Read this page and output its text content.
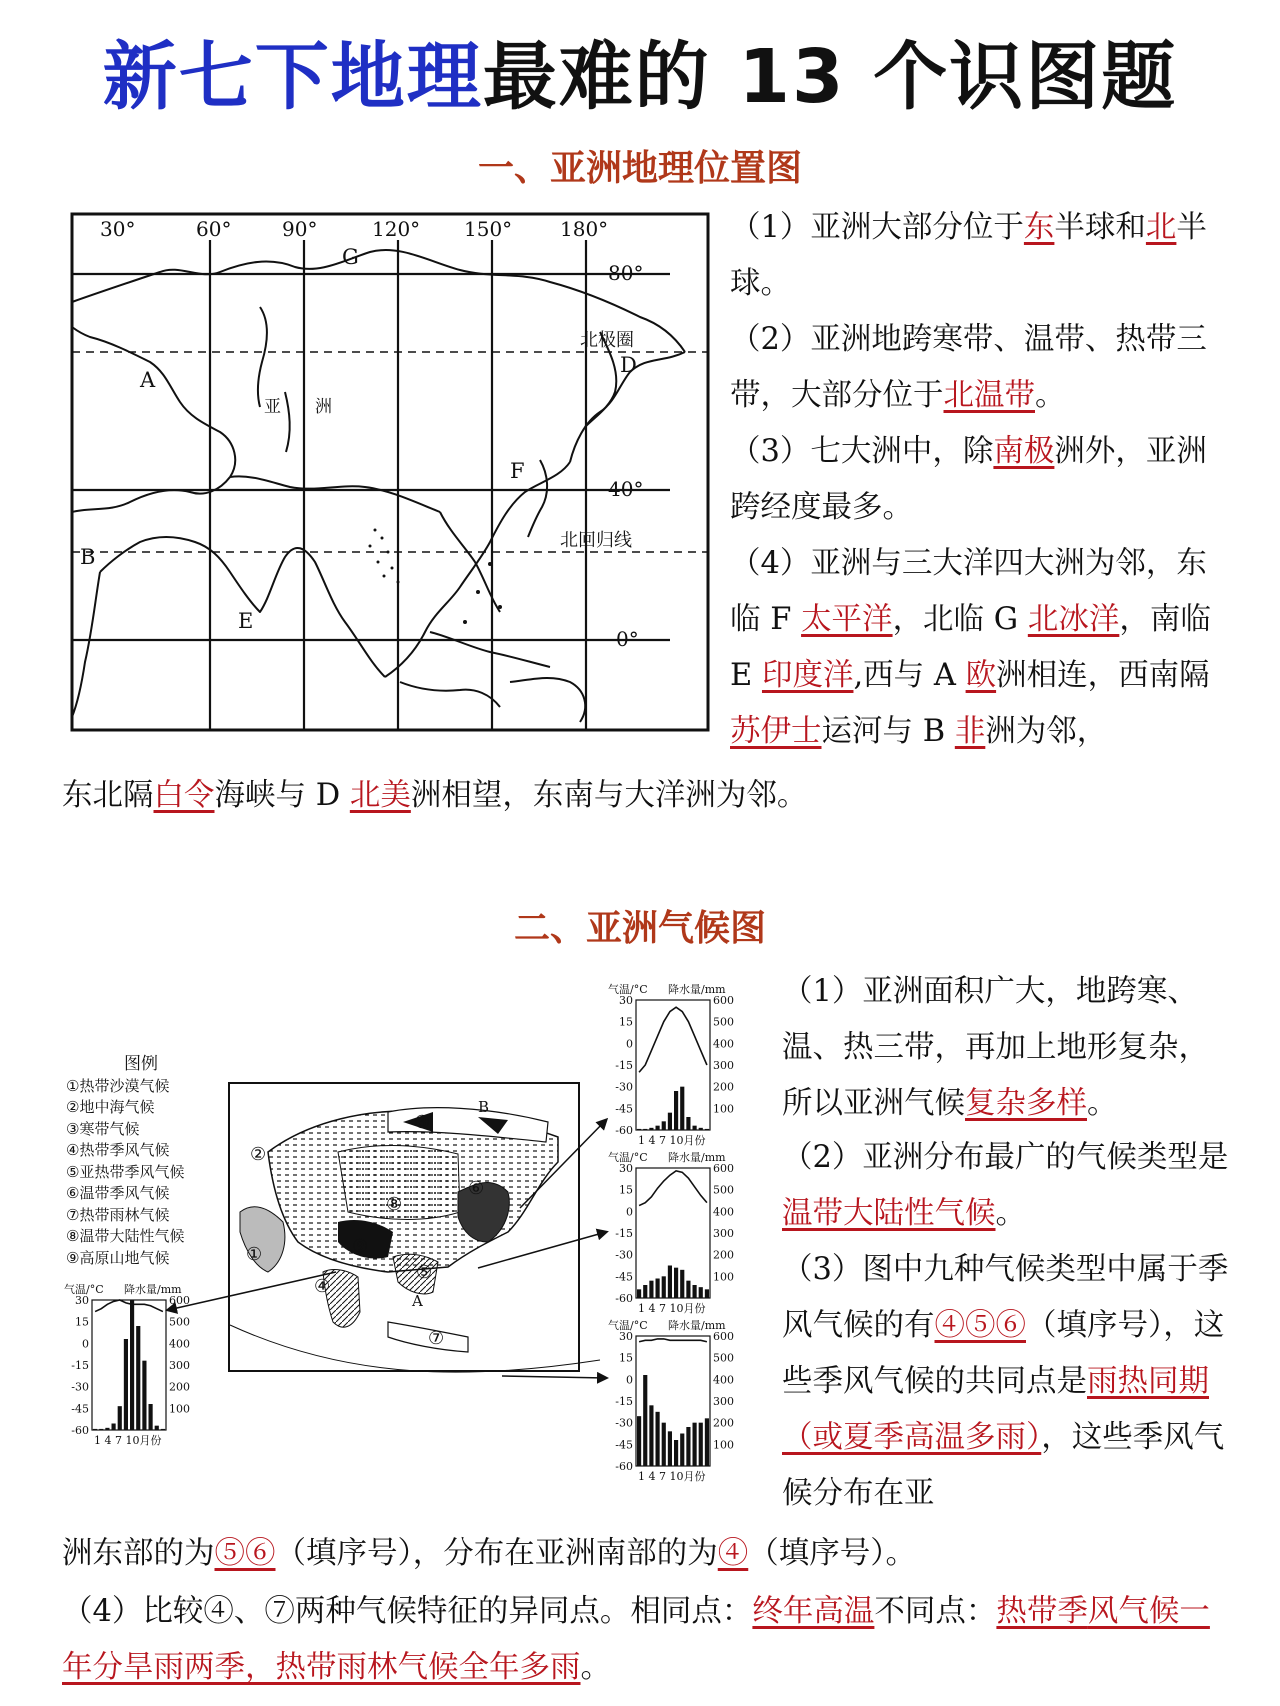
新七下地理最难的 13 个识图题
一、亚洲地理位置图
30°	60°	90°	120° 150° 180°
80°
40°
0°
北极圈
北回归线
A
B
D
E
F
G
亚　　洲
（1）亚洲大部分位于东半球和北半球。
（2）亚洲地跨寒带、温带、热带三带，大部分位于北温带。
（3）七大洲中，除南极洲外，亚洲跨经度最多。
（4）亚洲与三大洋四大洲为邻，东临 F 太平洋，北临 G 北冰洋，南临 E 印度洋,西与 A 欧洲相连，西南隔苏伊士运河与 B 非洲为邻，
东北隔白令海峡与 D 北美洲相望，东南与大洋洲为邻。
二、亚洲气候图
图例
①热带沙漠气候
②地中海气候
③寒带气候
④热带季风气候
⑤亚热带季风气候
⑥温带季风气候
⑦热带雨林气候
⑧温带大陆性气候
⑨高原山地气候	①
②
③
④
⑤
⑥
⑦
⑧
⑨
A
B
气温/°C 降水量/mm
30
15
0
-15
-30
-45
-60
600
500
400
300
200
100
1 4 7 10月份
气温/°C 降水量/mm
30
15
0
-15
-30
-45
-60
600
500
400
300
200
100
1 4 7 10月份
气温/°C 降水量/mm
30
15
0
-15
-30
-45
-60
600
500
400
300
200
100
1 4 7 10月份
气温/°C 降水量/mm
30
15
0
-15
-30
-45
-60
600
500
400
300
200
100
1 4 7 10月份
（1）亚洲面积广大，地跨寒、温、热三带，再加上地形复杂，所以亚洲气候复杂多样。
（2）亚洲分布最广的气候类型是温带大陆性气候。
（3）图中九种气候类型中属于季风气候的有④⑤⑥（填序号），这些季风气候的共同点是雨热同期（或夏季高温多雨），这些季风气候分布在亚
洲东部的为⑤⑥（填序号），分布在亚洲南部的为④（填序号）。
（4）比较④、⑦两种气候特征的异同点。相同点：终年高温不同点：热带季风气候一年分旱雨两季，热带雨林气候全年多雨。
